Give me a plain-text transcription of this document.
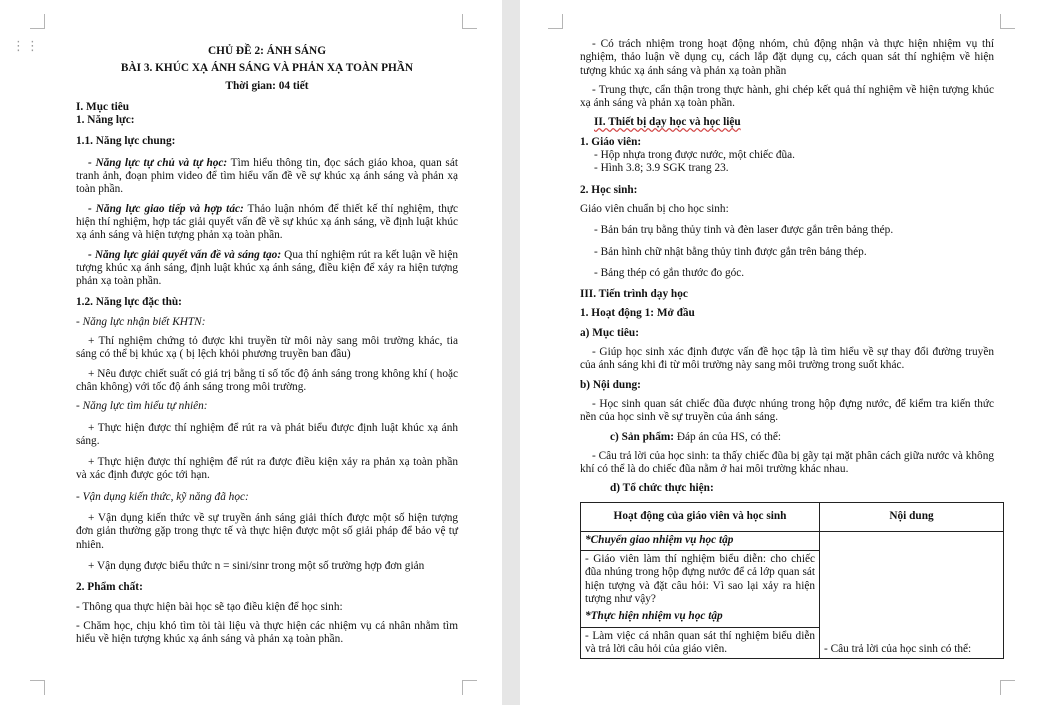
⋮⋮	CHỦ ĐỀ 2: ÁNH SÁNG

BÀI 3. KHÚC XẠ ÁNH SÁNG VÀ PHẢN XẠ TOÀN PHẦN

Thời gian: 04 tiết

I. Mục tiêu

1. Năng lực:

1.1. Năng lực chung:

- Năng lực tự chủ và tự học: Tìm hiểu thông tin, đọc sách giáo khoa, quan sát tranh ảnh, đoạn phim video để tìm hiểu vấn đề về sự khúc xạ ánh sáng và phản xạ toàn phần.

- Năng lực giao tiếp và hợp tác: Thảo luận nhóm để thiết kế thí nghiệm, thực hiện thí nghiệm, hợp tác giải quyết vấn đề về sự khúc xạ ánh sáng, về định luật khúc xạ ánh sáng và hiện tượng phản xạ toàn phần.

- Năng lực giải quyết vấn đề và sáng tạo: Qua thí nghiệm rút ra kết luận về hiện tượng khúc xạ ánh sáng, định luật khúc xạ ánh sáng, điều kiện để xảy ra hiện tượng phản xạ toàn phần.

1.2. Năng lực đặc thù:

- Năng lực nhận biết KHTN:

+ Thí nghiệm chứng tỏ được khi truyền từ môi này sang môi trường khác, tia sáng có thể bị khúc xạ ( bị lệch khỏi phương truyền ban đầu)

+ Nêu được chiết suất có giá trị bằng tỉ số tốc độ ánh sáng trong không khí ( hoặc chân không) với tốc độ ánh sáng trong môi trường.

- Năng lực tìm hiểu tự nhiên:

+ Thực hiện được thí nghiệm để rút ra và phát biểu được định luật khúc xạ ánh sáng.

+ Thực hiện được thí nghiệm để rút ra được điều kiện xảy ra phản xạ toàn phần và xác định được góc tới hạn.

- Vận dụng kiến thức, kỹ năng đã học:

+ Vận dụng kiến thức về sự truyền ánh sáng giải thích được một số hiện tượng đơn giản thường gặp trong thực tế và thực hiện được một số giải pháp để bảo vệ tự nhiên.

+ Vận dụng được biểu thức n = sini/sinr trong một số trường hợp đơn giản

2. Phẩm chất:

- Thông qua thực hiện bài học sẽ tạo điều kiện để học sinh:

- Chăm học, chịu khó tìm tòi tài liệu và thực hiện các nhiệm vụ cá nhân nhằm tìm hiểu về hiện tượng khúc xạ ánh sáng và phản xạ toàn phần.

- Có trách nhiệm trong hoạt động nhóm, chủ động nhận và thực hiện nhiệm vụ thí nghiệm, thảo luận về dụng cụ, cách lắp đặt dụng cụ, cách quan sát thí nghiệm về hiện tượng khúc xạ ánh sáng và phản xạ toàn phần

- Trung thực, cẩn thận trong thực hành, ghi chép kết quả thí nghiệm về hiện tượng khúc xạ ánh sáng và phản xạ toàn phần.

II. Thiết bị dạy học và học liệu

1. Giáo viên:

- Hộp nhựa trong được nước, một chiếc đũa.

- Hình 3.8; 3.9 SGK trang 23.

2. Học sinh:

Giáo viên chuẩn bị cho học sinh:

- Bản bán trụ bằng thủy tinh và đèn laser được gắn trên bảng thép.

- Bản hình chữ nhật bằng thủy tinh được gắn trên bảng thép.

- Bảng thép có gắn thước đo góc.

III. Tiến trình dạy học

1. Hoạt động 1: Mở đầu

a) Mục tiêu:

- Giúp học sinh xác định được vấn đề học tập là tìm hiểu về sự thay đổi đường truyền của ánh sáng khi đi từ môi trường này sang môi trường trong suốt khác.

b) Nội dung:

- Học sinh quan sát chiếc đũa được nhúng trong hộp đựng nước, để kiểm tra kiến thức nền của học sinh về sự truyền của ánh sáng.

c) Sản phẩm: Đáp án của HS, có thể:

- Câu trả lời của học sinh: ta thấy chiếc đũa bị gãy tại mặt phân cách giữa nước và không khí có thể là do chiếc đũa nằm ở hai môi trường khác nhau.

d) Tổ chức thực hiện:

Hoạt động của giáo viên và học sinh	Nội dung

*Chuyển giao nhiệm vụ học tập
- Giáo viên làm thí nghiệm biểu diễn: cho chiếc đũa nhúng trong hộp đựng nước để cả lớp quan sát hiện tượng và đặt câu hỏi: Vì sao lại xảy ra hiện tượng như vậy?
*Thực hiện nhiệm vụ học tập
- Làm việc cá nhân quan sát thí nghiệm biểu diễn và trả lời câu hỏi của giáo viên.	- Câu trả lời của học sinh có thể:
